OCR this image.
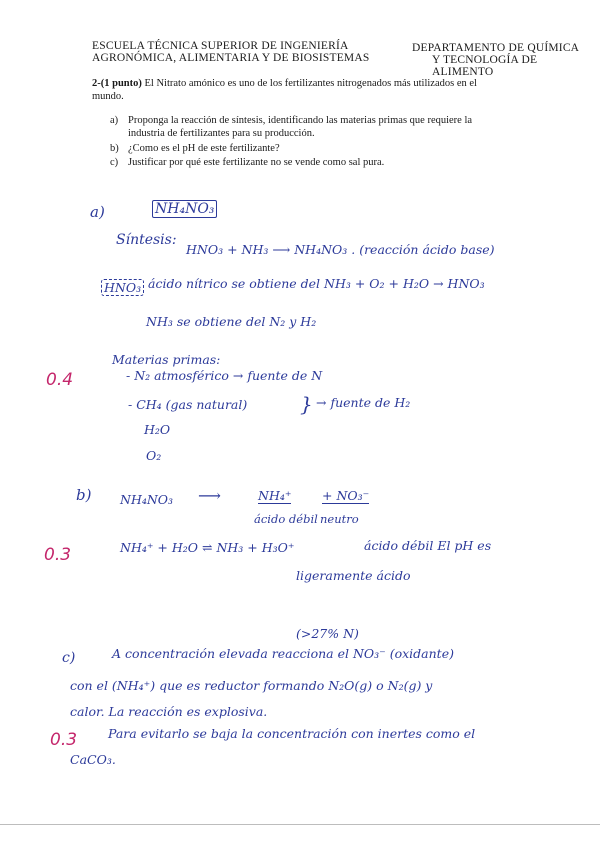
ESCUELA TÉCNICA SUPERIOR DE INGENIERÍA
AGRONÓMICA, ALIMENTARIA Y DE BIOSISTEMAS
DEPARTAMENTO DE QUÍMICA
Y TECNOLOGÍA DE ALIMENTO
2-(1 punto) El Nitrato amónico es uno de los fertilizantes nitrogenados más utilizados en el
mundo.
a) Proponga la reacción de síntesis, identificando las materias primas que requiere la
industria de fertilizantes para su producción.
b) ¿Como es el pH de este fertilizante?
c) Justificar por qué este fertilizante no se vende como sal pura.
a)	NH₄NO₃
Síntesis:
HNO₃ + NH₃ ⟶ NH₄NO₃ . (reacción ácido base)
HNO₃ ácido nítrico se obtiene del NH₃ + O₂ + H₂O → HNO₃
NH₃ se obtiene del N₂ y H₂
Materias primas:
0.4	- N₂ atmosférico → fuente de N
- CH₄ (gas natural)	} → fuente de H₂
H₂O
O₂
b) NH₄NO₃ ⟶	NH₄⁺ + NO₃⁻
ácido débil neutro
0.3	NH₄⁺ + H₂O ⇌ NH₃ + H₃O⁺	ácido débil El pH es
ligeramente ácido
(>27% N)
c)	A concentración elevada reacciona el NO₃⁻ (oxidante)
con el (NH₄⁺) que es reductor formando N₂O(g) o N₂(g) y
calor. La reacción es explosiva.
0.3 Para evitarlo se baja la concentración con inertes como el
CaCO₃.
